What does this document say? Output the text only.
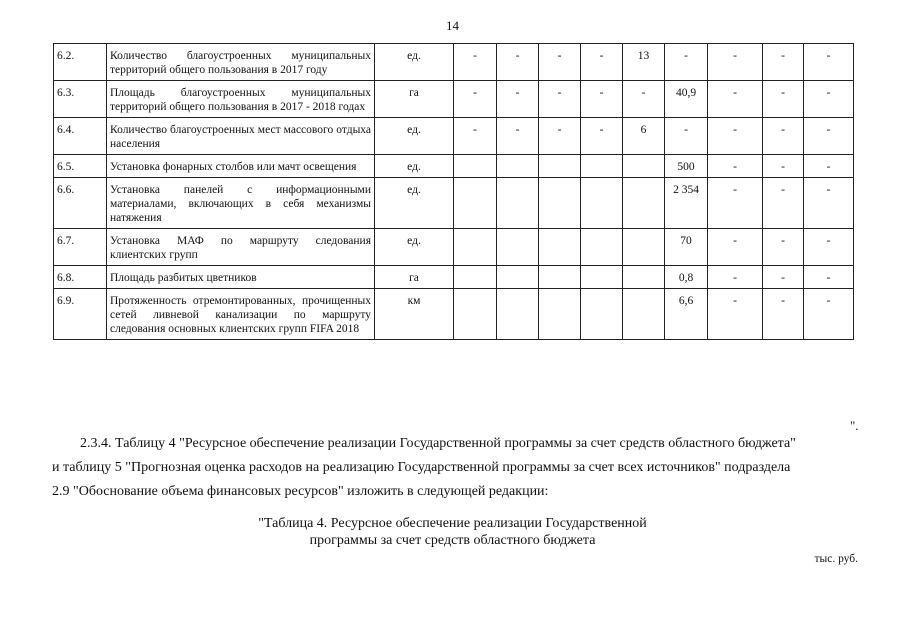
14
6.2.	Количество благоустроенных муниципальных территорий общего пользования в 2017 году	ед.	-	-	-	-	13	-	-	-	-
6.3.	Площадь благоустроенных муниципальных территорий общего пользования в 2017 - 2018 годах	га	-	-	-	-	-	40,9	-	-	-
6.4.	Количество благоустроенных мест массового отдыха населения	ед.	-	-	-	-	6	-	-	-	-
6.5.	Установка фонарных столбов или мачт освещения	ед.						500	-	-	-
6.6.	Установка панелей с информационными материалами, включающих в себя механизмы натяжения	ед.						2 354	-	-	-
6.7.	Установка МАФ по маршруту следования клиентских групп	ед.						70	-	-	-
6.8.	Площадь разбитых цветников	га						0,8	-	-	-
6.9.	Протяженность отремонтированных, прочищенных сетей ливневой канализации по маршруту следования основных клиентских групп FIFA 2018	км						6,6	-	-	-
".
2.3.4. Таблицу 4 "Ресурсное обеспечение реализации Государственной программы за счет средств областного бюджета"
и таблицу 5 "Прогнозная оценка расходов на реализацию Государственной программы за счет всех источников" подраздела
2.9 "Обоснование объема финансовых ресурсов" изложить в следующей редакции:
"Таблица 4. Ресурсное обеспечение реализации Государственной
программы за счет средств областного бюджета
тыс. руб.
